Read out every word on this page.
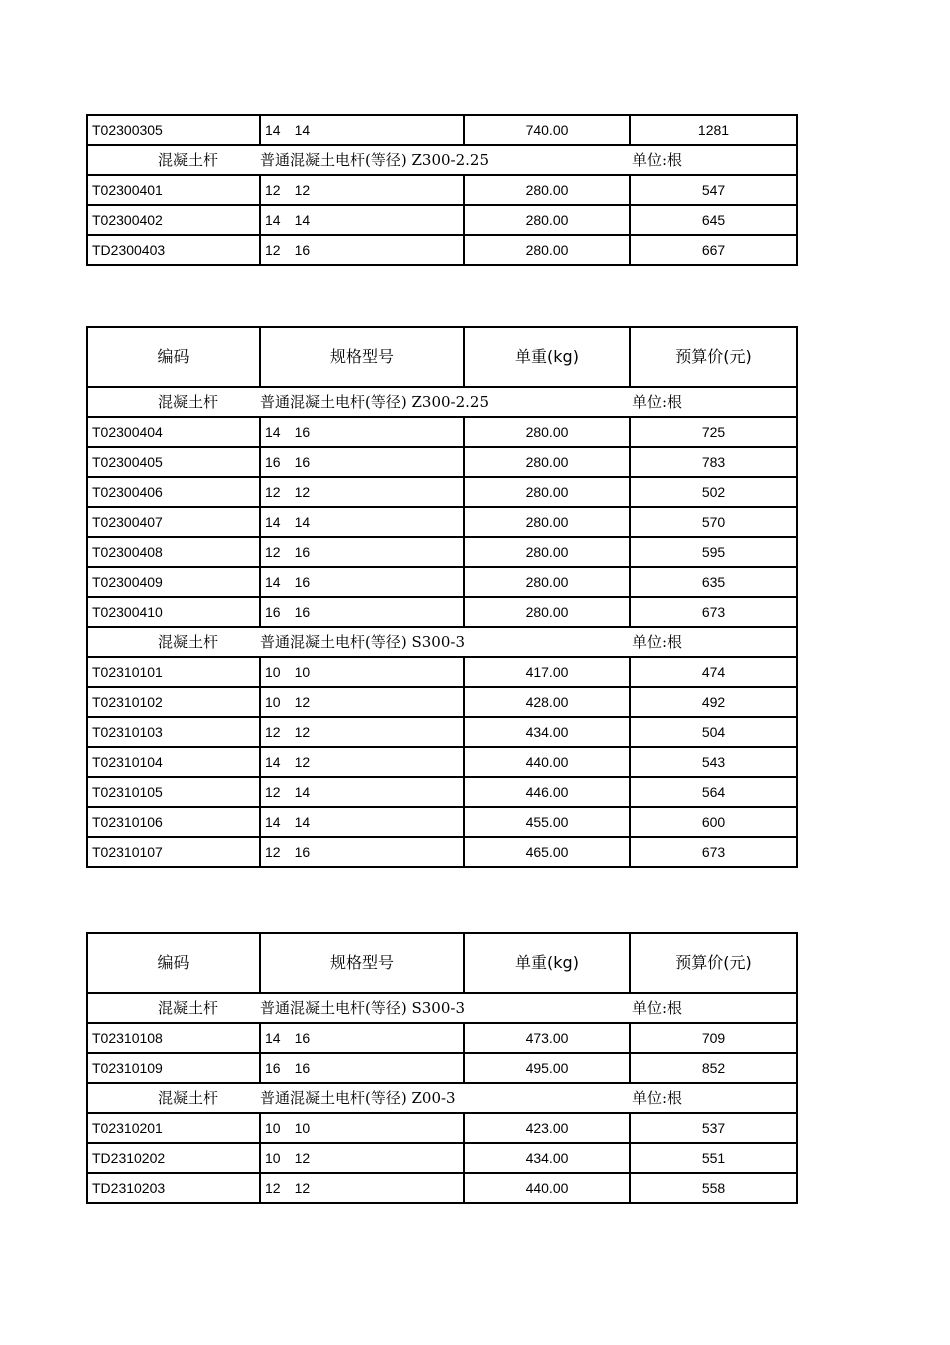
T02300305	14 14	740.00	1281
混凝土杆	普通混凝土电杆(等径) Z300-2.25		单位:根
T02300401	12 12	280.00	547
T02300402	14 14	280.00	645
TD2300403	12 16	280.00	667
编码	规格型号	单重(kg)	预算价(元)
混凝土杆	普通混凝土电杆(等径) Z300-2.25		单位:根
T02300404	14 16	280.00	725
T02300405	16 16	280.00	783
T02300406	12 12	280.00	502
T02300407	14 14	280.00	570
T02300408	12 16	280.00	595
T02300409	14 16	280.00	635
T02300410	16 16	280.00	673
混凝土杆	普通混凝土电杆(等径) S300-3		单位:根
T02310101	10 10	417.00	474
T02310102	10 12	428.00	492
T02310103	12 12	434.00	504
T02310104	14 12	440.00	543
T02310105	12 14	446.00	564
T02310106	14 14	455.00	600
T02310107	12 16	465.00	673
编码	规格型号	单重(kg)	预算价(元)
混凝土杆	普通混凝土电杆(等径) S300-3		单位:根
T02310108	14 16	473.00	709
T02310109	16 16	495.00	852
混凝土杆	普通混凝土电杆(等径) Z00-3		单位:根
T02310201	10 10	423.00	537
TD2310202	10 12	434.00	551
TD2310203	12 12	440.00	558
